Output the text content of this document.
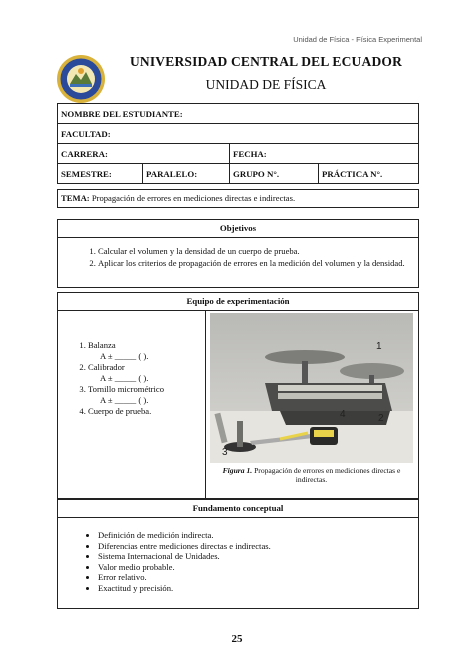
Unidad de Física - Física Experimental
UNIVERSIDAD CENTRAL DEL ECUADOR
UNIDAD DE FÍSICA
NOMBRE DEL ESTUDIANTE:			
FACULTAD:			
CARRERA:		FECHA:	
SEMESTRE:	PARALELO:	GRUPO N°.	PRÁCTICA N°.
TEMA: Propagación de errores en mediciones directas e indirectas.
Objetivos
1. Calcular el volumen y la densidad de un cuerpo de prueba.
2. Aplicar los criterios de propagación de errores en la medición del volumen y la densidad.
Equipo de experimentación
1. Balanza
A ± _____ ( ).
2. Calibrador
A ± _____ ( ).
3. Tornillo micrométrico
A ± _____ ( ).
4. Cuerpo de prueba.
1
2
3
4
Figura 1. Propagación de errores en mediciones directas e indirectas.
Fundamento conceptual
• Definición de medición indirecta.
• Diferencias entre mediciones directas e indirectas.
• Sistema Internacional de Unidades.
• Valor medio probable.
• Error relativo.
• Exactitud y precisión.
25
